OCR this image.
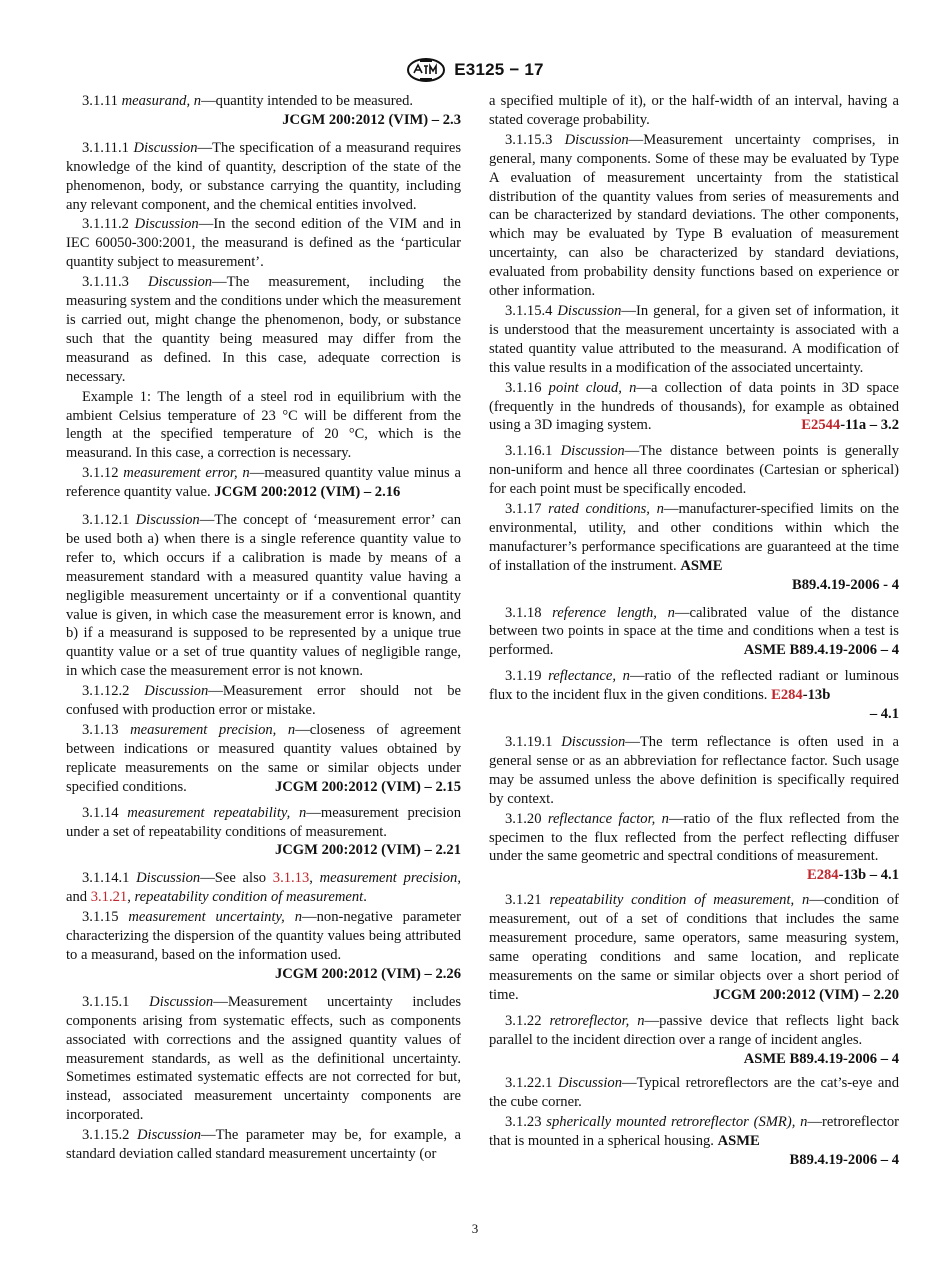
E3125 − 17

3.1.11 measurand, n—quantity intended to be measured.
JCGM 200:2012 (VIM) – 2.3

3.1.11.1 Discussion—The specification of a measurand requires knowledge of the kind of quantity, description of the state of the phenomenon, body, or substance carrying the quantity, including any relevant component, and the chemical entities involved.

3.1.11.2 Discussion—In the second edition of the VIM and in IEC 60050-300:2001, the measurand is defined as the ‘particular quantity subject to measurement’.

3.1.11.3 Discussion—The measurement, including the measuring system and the conditions under which the measurement is carried out, might change the phenomenon, body, or substance such that the quantity being measured may differ from the measurand as defined. In this case, adequate correction is necessary.

Example 1: The length of a steel rod in equilibrium with the ambient Celsius temperature of 23 °C will be different from the length at the specified temperature of 20 °C, which is the measurand. In this case, a correction is necessary.

3.1.12 measurement error, n—measured quantity value minus a reference quantity value. JCGM 200:2012 (VIM) – 2.16

3.1.12.1 Discussion—The concept of ‘measurement error’ can be used both a) when there is a single reference quantity value to refer to, which occurs if a calibration is made by means of a measurement standard with a measured quantity value having a negligible measurement uncertainty or if a conventional quantity value is given, in which case the measurement error is known, and b) if a measurand is supposed to be represented by a unique true quantity value or a set of true quantity values of negligible range, in which case the measurement error is not known.

3.1.12.2 Discussion—Measurement error should not be confused with production error or mistake.

3.1.13 measurement precision, n—closeness of agreement between indications or measured quantity values obtained by replicate measurements on the same or similar objects under specified conditions.	JCGM 200:2012 (VIM) – 2.15

3.1.14 measurement repeatability, n—measurement precision under a set of repeatability conditions of measurement.
JCGM 200:2012 (VIM) – 2.21

3.1.14.1 Discussion—See also 3.1.13, measurement precision, and 3.1.21, repeatability condition of measurement.

3.1.15 measurement uncertainty, n—non-negative parameter characterizing the dispersion of the quantity values being attributed to a measurand, based on the information used.
JCGM 200:2012 (VIM) – 2.26

3.1.15.1 Discussion—Measurement uncertainty includes components arising from systematic effects, such as components associated with corrections and the assigned quantity values of measurement standards, as well as the definitional uncertainty. Sometimes estimated systematic effects are not corrected for but, instead, associated measurement uncertainty components are incorporated.

3.1.15.2 Discussion—The parameter may be, for example, a standard deviation called standard measurement uncertainty (or

a specified multiple of it), or the half-width of an interval, having a stated coverage probability.

3.1.15.3 Discussion—Measurement uncertainty comprises, in general, many components. Some of these may be evaluated by Type A evaluation of measurement uncertainty from the statistical distribution of the quantity values from series of measurements and can be characterized by standard deviations. The other components, which may be evaluated by Type B evaluation of measurement uncertainty, can also be characterized by standard deviations, evaluated from probability density functions based on experience or other information.

3.1.15.4 Discussion—In general, for a given set of information, it is understood that the measurement uncertainty is associated with a stated quantity value attributed to the measurand. A modification of this value results in a modification of the associated uncertainty.

3.1.16 point cloud, n—a collection of data points in 3D space (frequently in the hundreds of thousands), for example as obtained using a 3D imaging system.	E2544-11a – 3.2

3.1.16.1 Discussion—The distance between points is generally non-uniform and hence all three coordinates (Cartesian or spherical) for each point must be specifically encoded.

3.1.17 rated conditions, n—manufacturer-specified limits on the environmental, utility, and other conditions within which the manufacturer’s performance specifications are guaranteed at the time of installation of the instrument. ASME
B89.4.19-2006 - 4

3.1.18 reference length, n—calibrated value of the distance between two points in space at the time and conditions when a test is performed.	ASME B89.4.19-2006 – 4

3.1.19 reflectance, n—ratio of the reflected radiant or luminous flux to the incident flux in the given conditions. E284-13b
– 4.1

3.1.19.1 Discussion—The term reflectance is often used in a general sense or as an abbreviation for reflectance factor. Such usage may be assumed unless the above definition is specifically required by context.

3.1.20 reflectance factor, n—ratio of the flux reflected from the specimen to the flux reflected from the perfect reflecting diffuser under the same geometric and spectral conditions of measurement.
E284-13b – 4.1

3.1.21 repeatability condition of measurement, n—condition of measurement, out of a set of conditions that includes the same measurement procedure, same operators, same measuring system, same operating conditions and same location, and replicate measurements on the same or similar objects over a short period of time.	JCGM 200:2012 (VIM) – 2.20

3.1.22 retroreflector, n—passive device that reflects light back parallel to the incident direction over a range of incident angles.
ASME B89.4.19-2006 – 4

3.1.22.1 Discussion—Typical retroreflectors are the cat’s-eye and the cube corner.

3.1.23 spherically mounted retroreflector (SMR), n—retroreflector that is mounted in a spherical housing. ASME
B89.4.19-2006 – 4

3
